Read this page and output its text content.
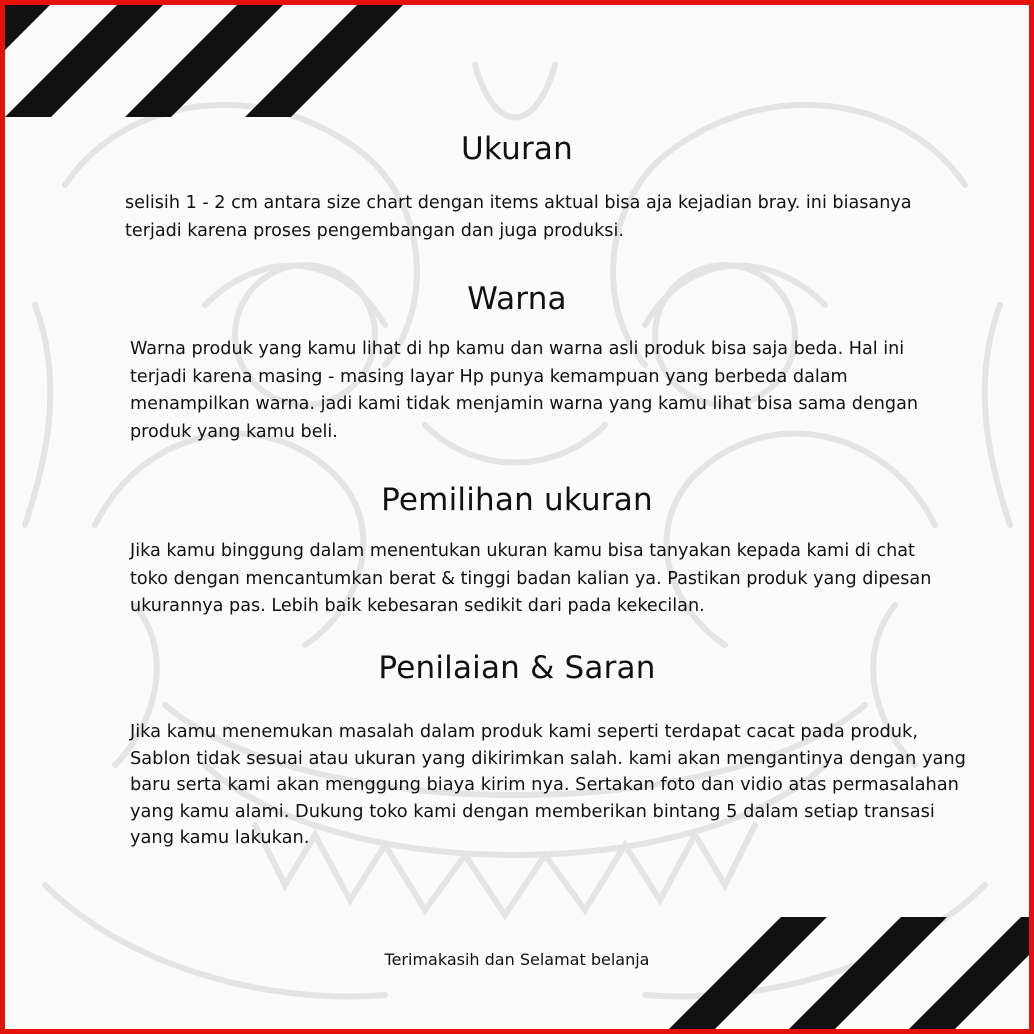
Ukuran

selisih 1 - 2 cm antara size chart dengan items aktual bisa aja kejadian bray. ini biasanya terjadi karena proses pengembangan dan juga produksi.

Warna

Warna produk yang kamu lihat di hp kamu dan warna asli produk bisa saja beda. Hal ini terjadi karena masing - masing layar Hp punya kemampuan yang berbeda dalam menampilkan warna. jadi kami tidak menjamin warna yang kamu lihat bisa sama dengan produk yang kamu beli.

Pemilihan ukuran

Jika kamu binggung dalam menentukan ukuran kamu bisa tanyakan kepada kami di chat toko dengan mencantumkan berat & tinggi badan kalian ya. Pastikan produk yang dipesan ukurannya pas. Lebih baik kebesaran sedikit dari pada kekecilan.

Penilaian & Saran

Jika kamu menemukan masalah dalam produk kami seperti terdapat cacat pada produk, Sablon tidak sesuai atau ukuran yang dikirimkan salah. kami akan mengantinya dengan yang baru serta kami akan menggung biaya kirim nya. Sertakan foto dan vidio atas permasalahan yang kamu alami. Dukung toko kami dengan memberikan bintang 5 dalam setiap transasi yang kamu lakukan.

Terimakasih dan Selamat belanja
